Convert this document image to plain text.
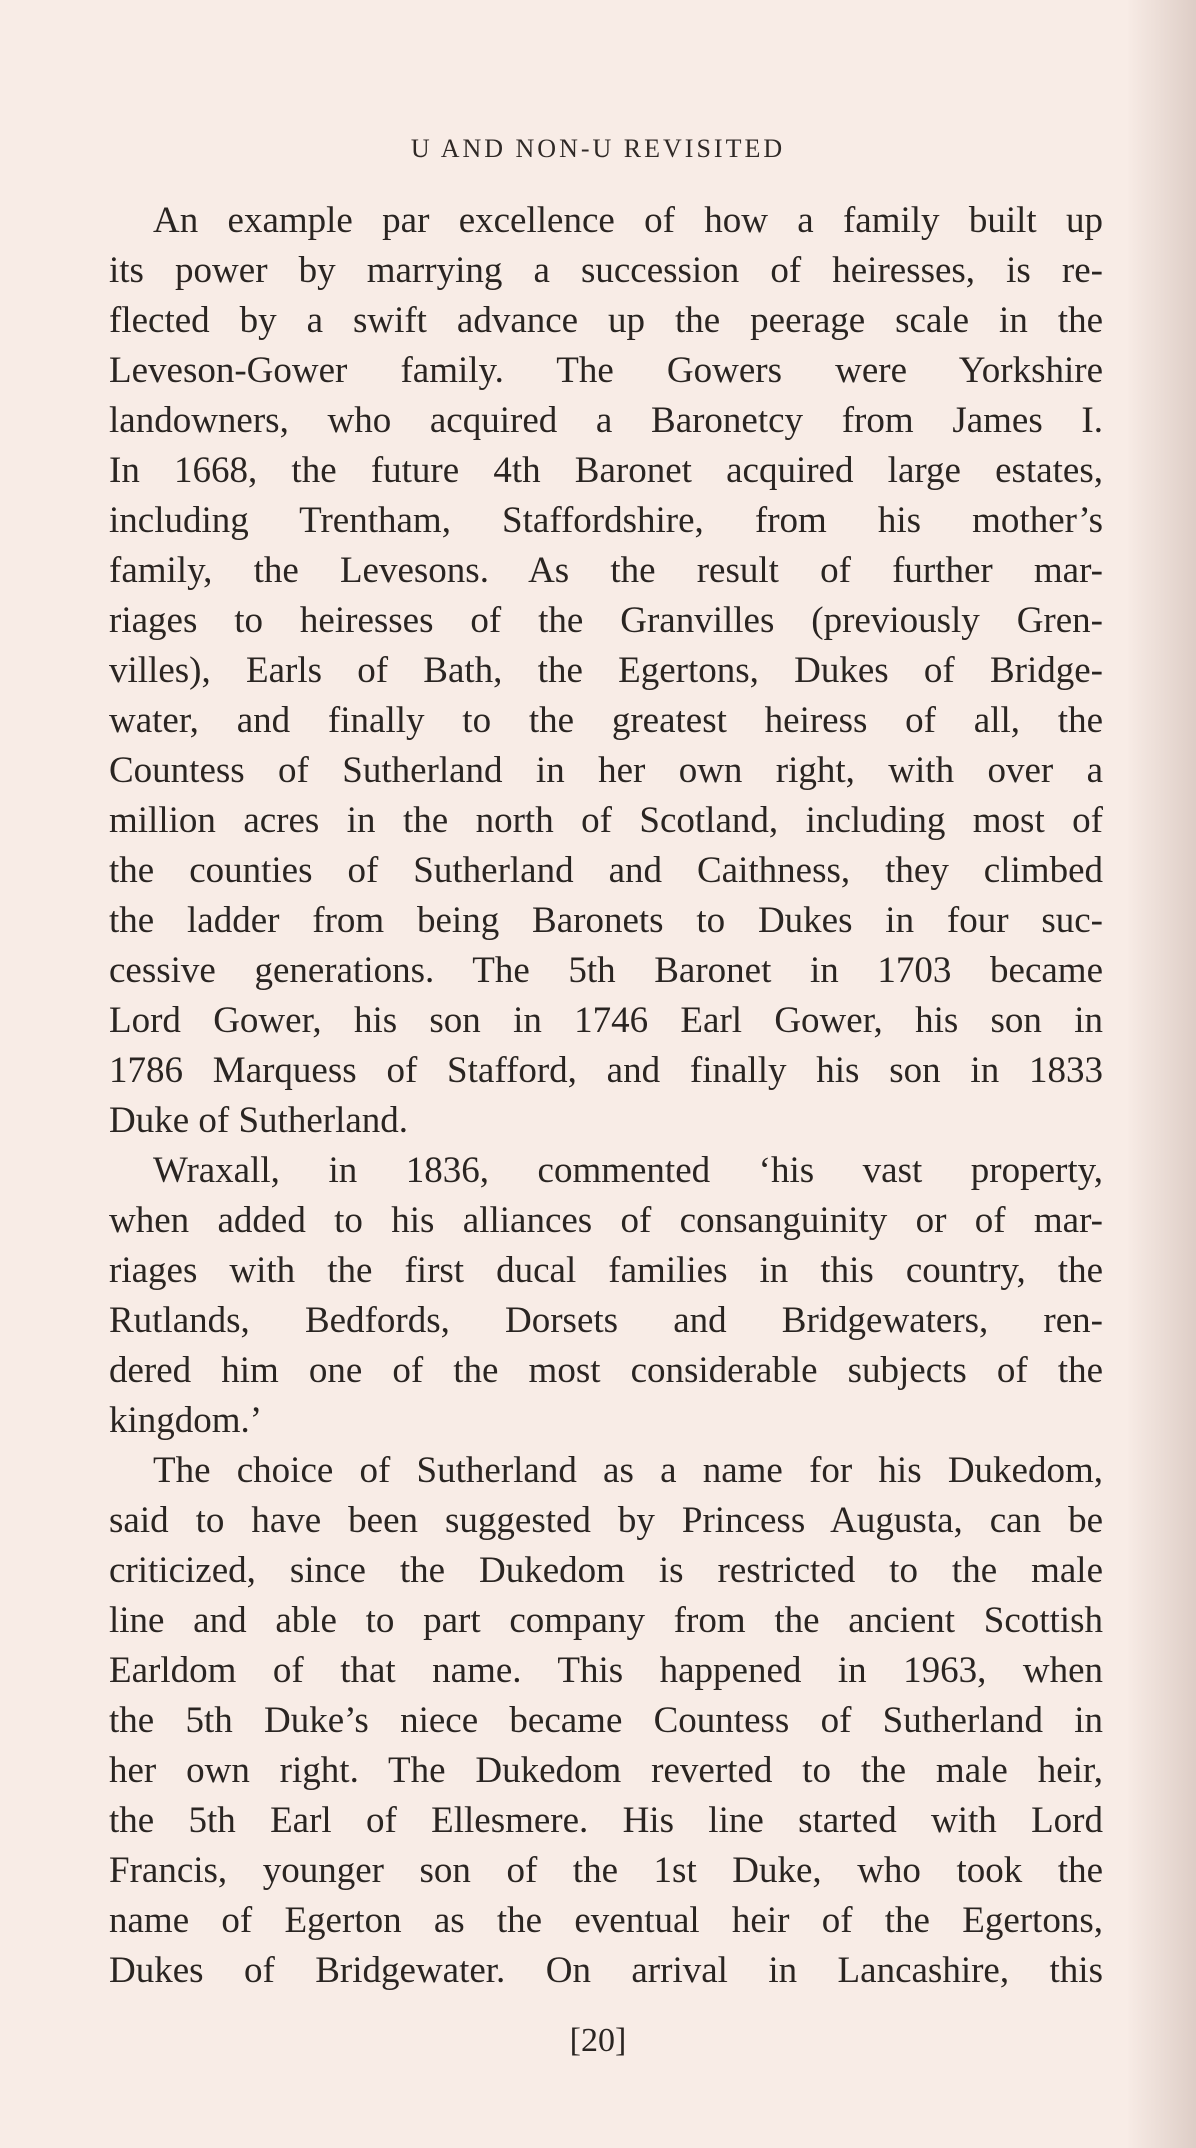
U AND NON-U REVISITED
An example par excellence of how a family built up
its power by marrying a succession of heiresses, is re-
flected by a swift advance up the peerage scale in the
Leveson-Gower family. The Gowers were Yorkshire
landowners, who acquired a Baronetcy from James I.
In 1668, the future 4th Baronet acquired large estates,
including Trentham, Staffordshire, from his mother’s
family, the Levesons. As the result of further mar-
riages to heiresses of the Granvilles (previously Gren-
villes), Earls of Bath, the Egertons, Dukes of Bridge-
water, and finally to the greatest heiress of all, the
Countess of Sutherland in her own right, with over a
million acres in the north of Scotland, including most of
the counties of Sutherland and Caithness, they climbed
the ladder from being Baronets to Dukes in four suc-
cessive generations. The 5th Baronet in 1703 became
Lord Gower, his son in 1746 Earl Gower, his son in
1786 Marquess of Stafford, and finally his son in 1833
Duke of Sutherland.
Wraxall, in 1836, commented ‘his vast property,
when added to his alliances of consanguinity or of mar-
riages with the first ducal families in this country, the
Rutlands, Bedfords, Dorsets and Bridgewaters, ren-
dered him one of the most considerable subjects of the
kingdom.’
The choice of Sutherland as a name for his Dukedom,
said to have been suggested by Princess Augusta, can be
criticized, since the Dukedom is restricted to the male
line and able to part company from the ancient Scottish
Earldom of that name. This happened in 1963, when
the 5th Duke’s niece became Countess of Sutherland in
her own right. The Dukedom reverted to the male heir,
the 5th Earl of Ellesmere. His line started with Lord
Francis, younger son of the 1st Duke, who took the
name of Egerton as the eventual heir of the Egertons,
Dukes of Bridgewater. On arrival in Lancashire, this
[20]
